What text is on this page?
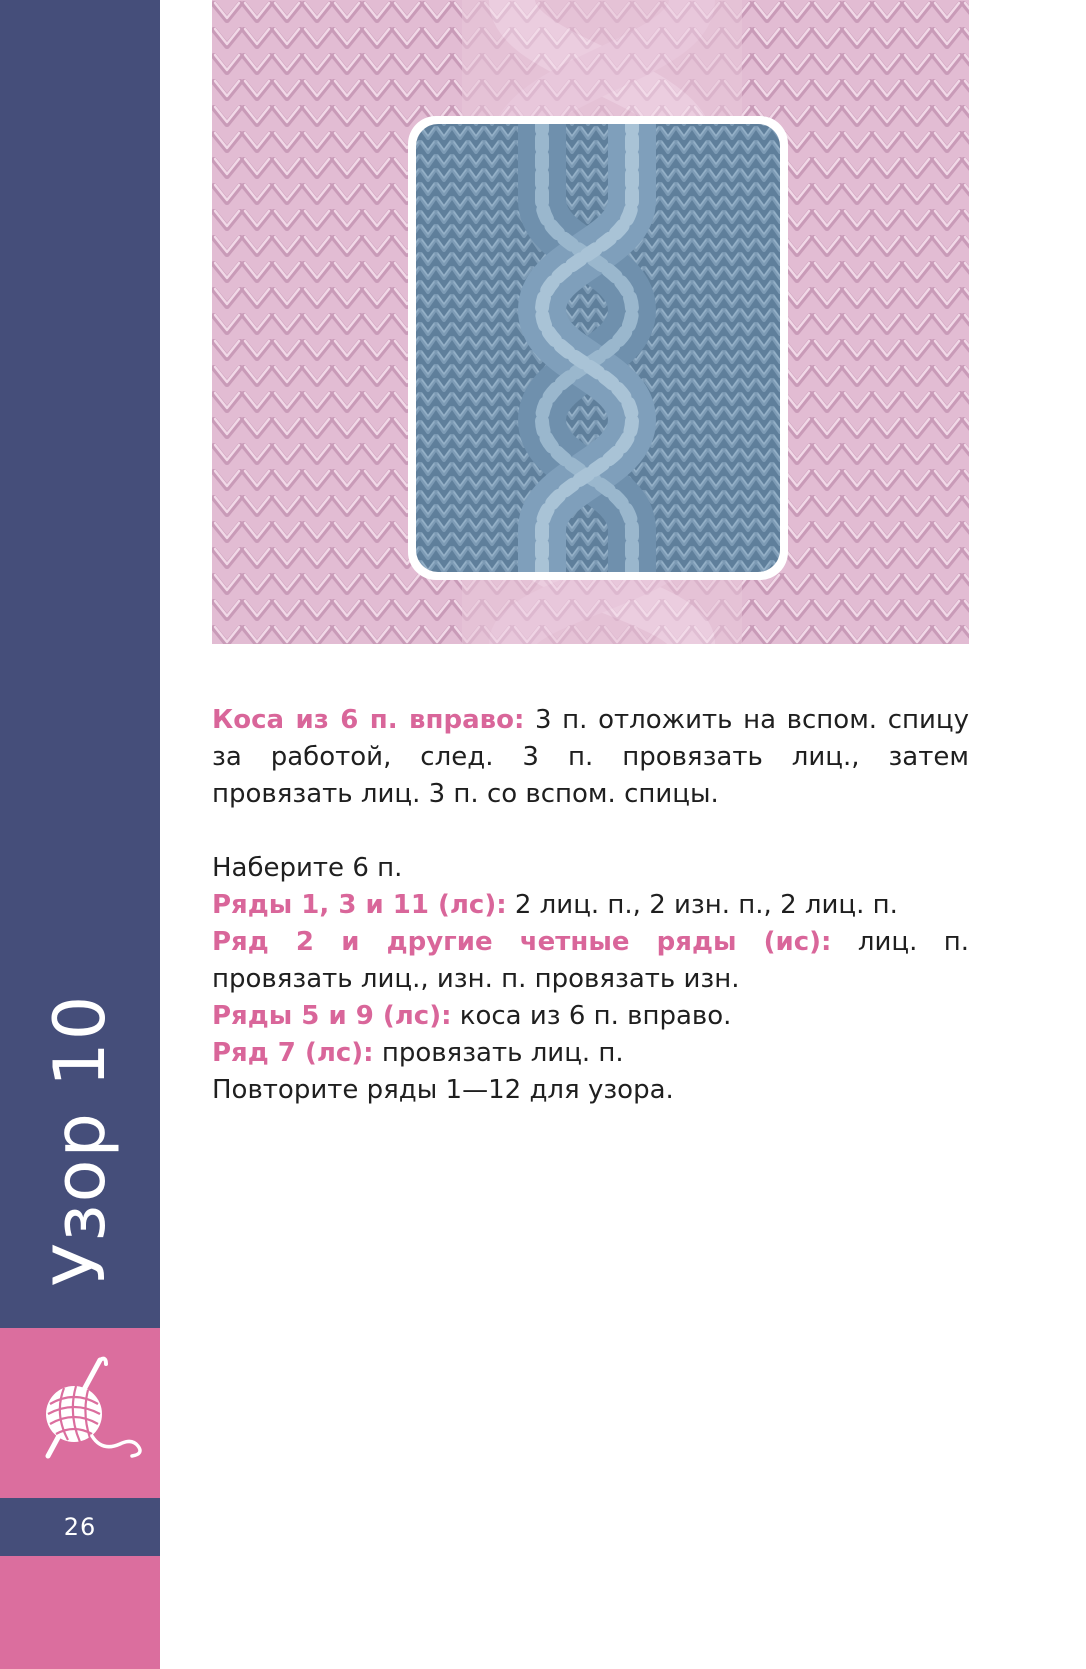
Узор 10
26

Коса из 6 п. вправо: 3 п. отложить на вспом. спицу за работой, след. 3 п. провязать лиц., затем провязать лиц. 3 п. со вспом. спицы.

Наберите 6 п.

Ряды 1, 3 и 11 (лс): 2 лиц. п., 2 изн. п., 2 лиц. п.

Ряд 2 и другие четные ряды (ис): лиц. п. провязать лиц., изн. п. провязать изн.

Ряды 5 и 9 (лс): коса из 6 п. вправо.

Ряд 7 (лс): провязать лиц. п.

Повторите ряды 1—12 для узора.
